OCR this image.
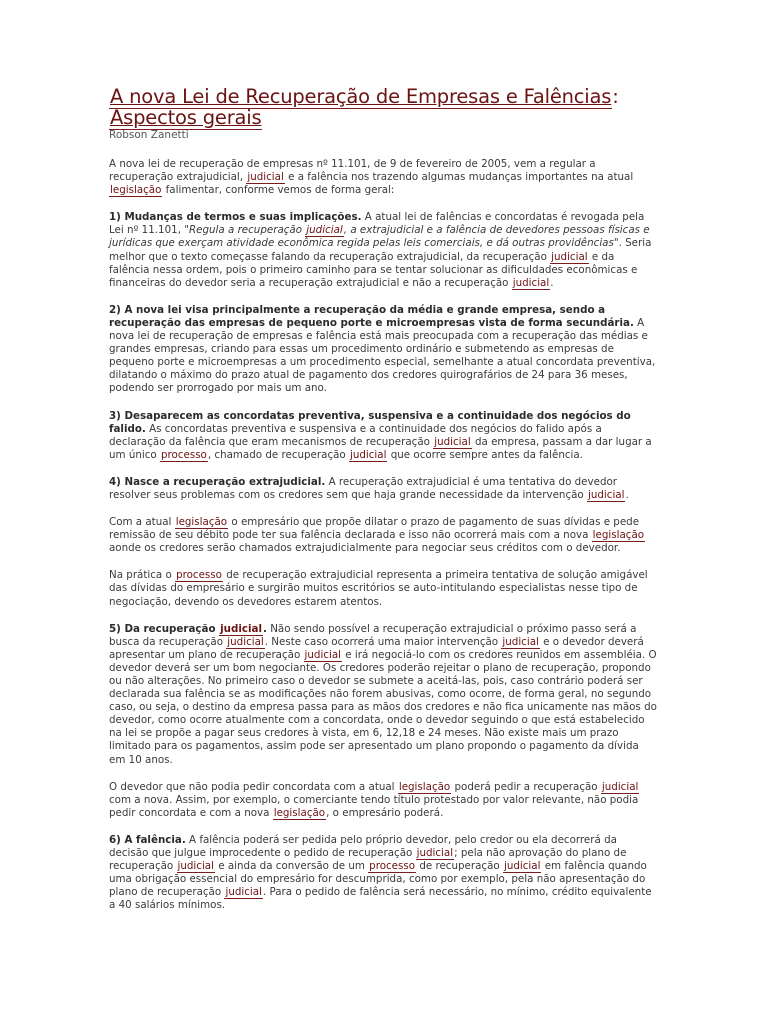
A nova Lei de Recuperação de Empresas e Falências: Aspectos gerais
Robson Zanetti

A nova lei de recuperação de empresas nº 11.101, de 9 de fevereiro de 2005, vem a regular a recuperação extrajudicial, judicial e a falência nos trazendo algumas mudanças importantes na atual legislação falimentar, conforme vemos de forma geral:

1) Mudanças de termos e suas implicações. A atual lei de falências e concordatas é revogada pela Lei nº 11.101, "Regula a recuperação judicial, a extrajudicial e a falência de devedores pessoas físicas e jurídicas que exerçam atividade econômica regida pelas leis comerciais, e dá outras providências". Seria melhor que o texto começasse falando da recuperação extrajudicial, da recuperação judicial e da falência nessa ordem, pois o primeiro caminho para se tentar solucionar as dificuldades econômicas e financeiras do devedor seria a recuperação extrajudicial e não a recuperação judicial.

2) A nova lei visa principalmente a recuperação da média e grande empresa, sendo a recuperação das empresas de pequeno porte e microempresas vista de forma secundária. A nova lei de recuperação de empresas e falência está mais preocupada com a recuperação das médias e grandes empresas, criando para essas um procedimento ordinário e submetendo as empresas de pequeno porte e microempresas a um procedimento especial, semelhante a atual concordata preventiva, dilatando o máximo do prazo atual de pagamento dos credores quirografários de 24 para 36 meses, podendo ser prorrogado por mais um ano.

3) Desaparecem as concordatas preventiva, suspensiva e a continuidade dos negócios do falido. As concordatas preventiva e suspensiva e a continuidade dos negócios do falido após a declaração da falência que eram mecanismos de recuperação judicial da empresa, passam a dar lugar a um único processo, chamado de recuperação judicial que ocorre sempre antes da falência.

4) Nasce a recuperação extrajudicial. A recuperação extrajudicial é uma tentativa do devedor resolver seus problemas com os credores sem que haja grande necessidade da intervenção judicial.

Com a atual legislação o empresário que propõe dilatar o prazo de pagamento de suas dívidas e pede remissão de seu débito pode ter sua falência declarada e isso não ocorrerá mais com a nova legislação aonde os credores serão chamados extrajudicialmente para negociar seus créditos com o devedor.

Na prática o processo de recuperação extrajudicial representa a primeira tentativa de solução amigável das dívidas do empresário e surgirão muitos escritórios se auto-intitulando especialistas nesse tipo de negociação, devendo os devedores estarem atentos.

5) Da recuperação judicial. Não sendo possível a recuperação extrajudicial o próximo passo será a busca da recuperação judicial. Neste caso ocorrerá uma maior intervenção judicial e o devedor deverá apresentar um plano de recuperação judicial e irá negociá-lo com os credores reunidos em assembléia. O devedor deverá ser um bom negociante. Os credores poderão rejeitar o plano de recuperação, propondo ou não alterações. No primeiro caso o devedor se submete a aceitá-las, pois, caso contrário poderá ser declarada sua falência se as modificações não forem abusivas, como ocorre, de forma geral, no segundo caso, ou seja, o destino da empresa passa para as mãos dos credores e não fica unicamente nas mãos do devedor, como ocorre atualmente com a concordata, onde o devedor seguindo o que está estabelecido na lei se propõe a pagar seus credores à vista, em 6, 12,18 e 24 meses. Não existe mais um prazo limitado para os pagamentos, assim pode ser apresentado um plano propondo o pagamento da dívida em 10 anos.

O devedor que não podia pedir concordata com a atual legislação poderá pedir a recuperação judicial com a nova. Assim, por exemplo, o comerciante tendo título protestado por valor relevante, não podia pedir concordata e com a nova legislação, o empresário poderá.

6) A falência. A falência poderá ser pedida pelo próprio devedor, pelo credor ou ela decorrerá da decisão que julgue improcedente o pedido de recuperação judicial; pela não aprovação do plano de recuperação judicial e ainda da conversão de um processo de recuperação judicial em falência quando uma obrigação essencial do empresário for descumprida, como por exemplo, pela não apresentação do plano de recuperação judicial. Para o pedido de falência será necessário, no mínimo, crédito equivalente a 40 salários mínimos.
